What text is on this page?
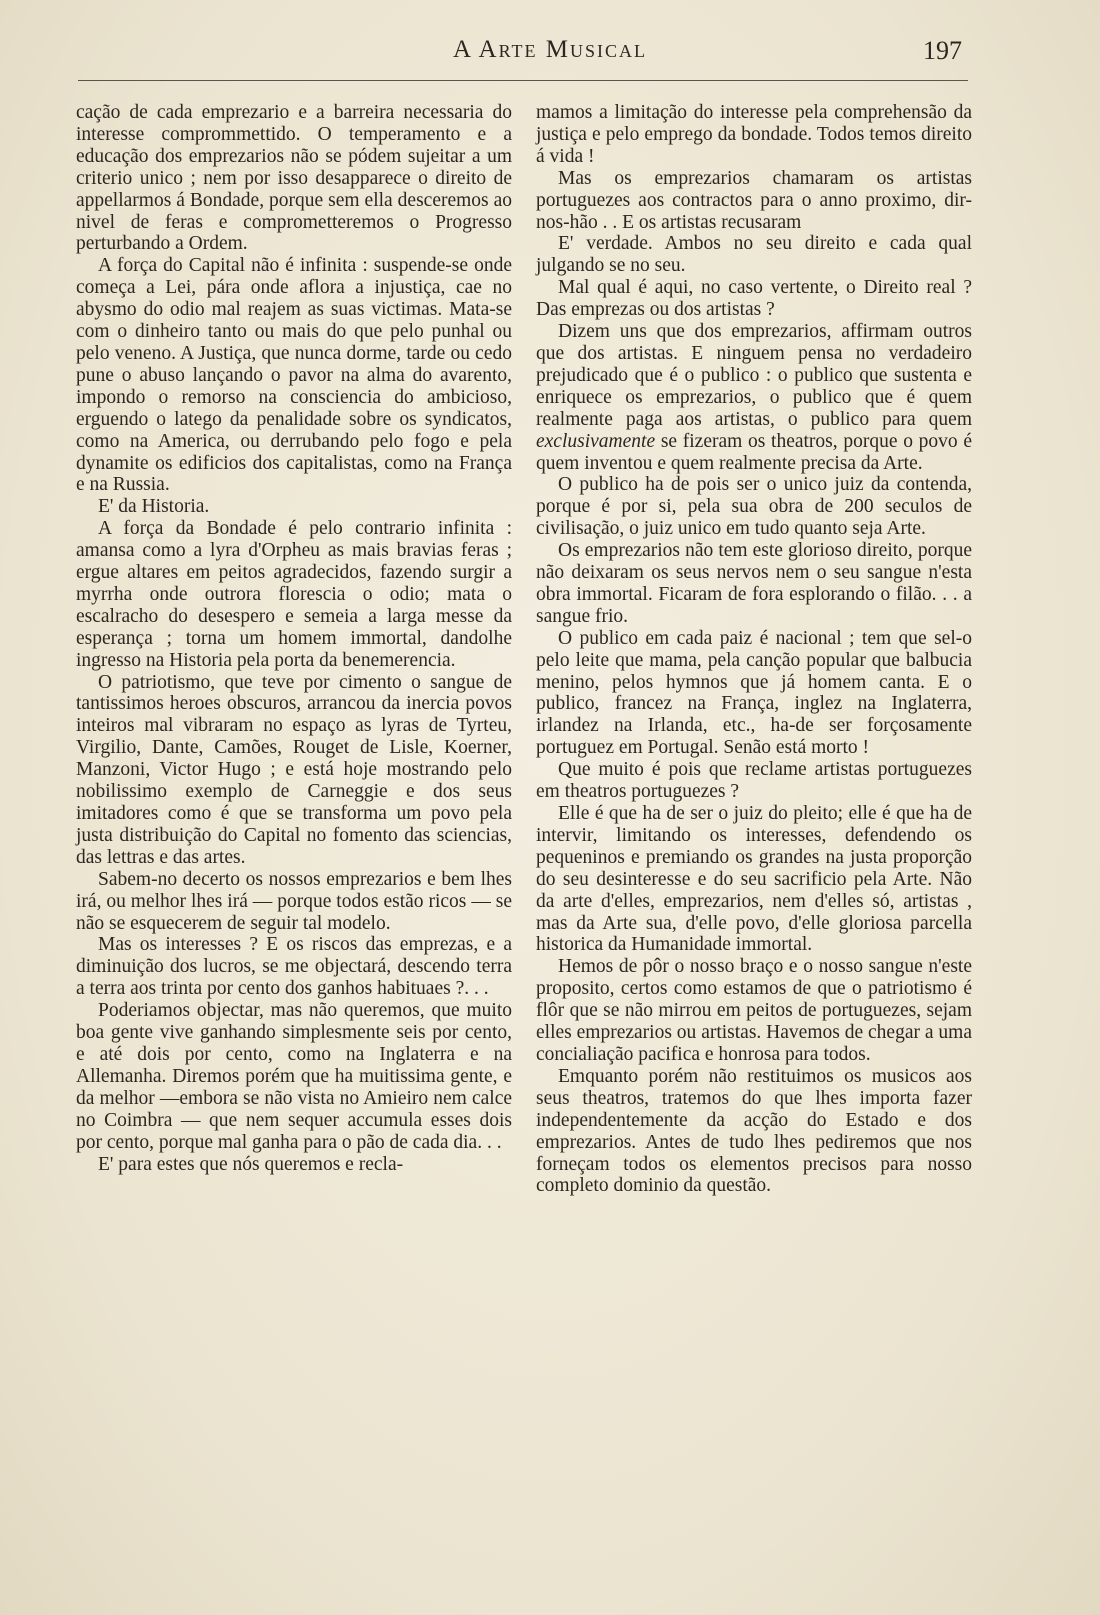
A Arte Musical	197

cação de cada emprezario e a barreira necessaria do interesse comprommettido. O temperamento e a educação dos emprezarios não se pódem sujeitar a um criterio unico ; nem por isso desapparece o direito de appellarmos á Bondade, porque sem ella desceremos ao nivel de feras e comprometteremos o Progresso perturbando a Ordem.

A força do Capital não é infinita : suspende-se onde começa a Lei, pára onde aflora a injustiça, cae no abysmo do odio mal reajem as suas victimas. Mata-se com o dinheiro tanto ou mais do que pelo punhal ou pelo veneno. A Justiça, que nunca dorme, tarde ou cedo pune o abuso lançando o pavor na alma do avarento, impondo o remorso na consciencia do ambicioso, erguendo o latego da penalidade sobre os syndicatos, como na America, ou derrubando pelo fogo e pela dynamite os edificios dos capitalistas, como na França e na Russia.

E' da Historia.

A força da Bondade é pelo contrario infinita : amansa como a lyra d'Orpheu as mais bravias feras ; ergue altares em peitos agradecidos, fazendo surgir a myrrha onde outrora florescia o odio; mata o escalracho do desespero e semeia a larga messe da esperança ; torna um homem immortal, dandolhe ingresso na Historia pela porta da benemerencia.

O patriotismo, que teve por cimento o sangue de tantissimos heroes obscuros, arrancou da inercia povos inteiros mal vibraram no espaço as lyras de Tyrteu, Virgilio, Dante, Camões, Rouget de Lisle, Koerner, Manzoni, Victor Hugo ; e está hoje mostrando pelo nobilissimo exemplo de Carneggie e dos seus imitadores como é que se transforma um povo pela justa distribuição do Capital no fomento das sciencias, das lettras e das artes.

Sabem-no decerto os nossos emprezarios e bem lhes irá, ou melhor lhes irá — porque todos estão ricos — se não se esquecerem de seguir tal modelo.

Mas os interesses ? E os riscos das emprezas, e a diminuição dos lucros, se me objectará, descendo terra a terra aos trinta por cento dos ganhos habituaes ?. . .

Poderiamos objectar, mas não queremos, que muito boa gente vive ganhando simplesmente seis por cento, e até dois por cento, como na Inglaterra e na Allemanha. Diremos porém que ha muitissima gente, e da melhor —embora se não vista no Amieiro nem calce no Coimbra — que nem sequer accumula esses dois por cento, porque mal ganha para o pão de cada dia. . .

E' para estes que nós queremos e recla-

mamos a limitação do interesse pela comprehensão da justiça e pelo emprego da bondade. Todos temos direito á vida !

Mas os emprezarios chamaram os artistas portuguezes aos contractos para o anno proximo, dir-nos-hão . . E os artistas recusaram

E' verdade. Ambos no seu direito e cada qual julgando se no seu.

Mal qual é aqui, no caso vertente, o Direito real ? Das emprezas ou dos artistas ?

Dizem uns que dos emprezarios, affirmam outros que dos artistas. E ninguem pensa no verdadeiro prejudicado que é o publico : o publico que sustenta e enriquece os emprezarios, o publico que é quem realmente paga aos artistas, o publico para quem exclusivamente se fizeram os theatros, porque o povo é quem inventou e quem realmente precisa da Arte.

O publico ha de pois ser o unico juiz da contenda, porque é por si, pela sua obra de 200 seculos de civilisação, o juiz unico em tudo quanto seja Arte.

Os emprezarios não tem este glorioso direito, porque não deixaram os seus nervos nem o seu sangue n'esta obra immortal. Ficaram de fora esplorando o filão. . . a sangue frio.

O publico em cada paiz é nacional ; tem que sel-o pelo leite que mama, pela canção popular que balbucia menino, pelos hymnos que já homem canta. E o publico, francez na França, inglez na Inglaterra, irlandez na Irlanda, etc., ha-de ser forçosamente portuguez em Portugal. Senão está morto !

Que muito é pois que reclame artistas portuguezes em theatros portuguezes ?

Elle é que ha de ser o juiz do pleito; elle é que ha de intervir, limitando os interesses, defendendo os pequeninos e premiando os grandes na justa proporção do seu desinteresse e do seu sacrificio pela Arte. Não da arte d'elles, emprezarios, nem d'elles só, artistas , mas da Arte sua, d'elle povo, d'elle gloriosa parcella historica da Humanidade immortal.

Hemos de pôr o nosso braço e o nosso sangue n'este proposito, certos como estamos de que o patriotismo é flôr que se não mirrou em peitos de portuguezes, sejam elles emprezarios ou artistas. Havemos de chegar a uma concialiação pacifica e honrosa para todos.

Emquanto porém não restituimos os musicos aos seus theatros, tratemos do que lhes importa fazer independentemente da acção do Estado e dos emprezarios. Antes de tudo lhes pediremos que nos forneçam todos os elementos precisos para nosso completo dominio da questão.
